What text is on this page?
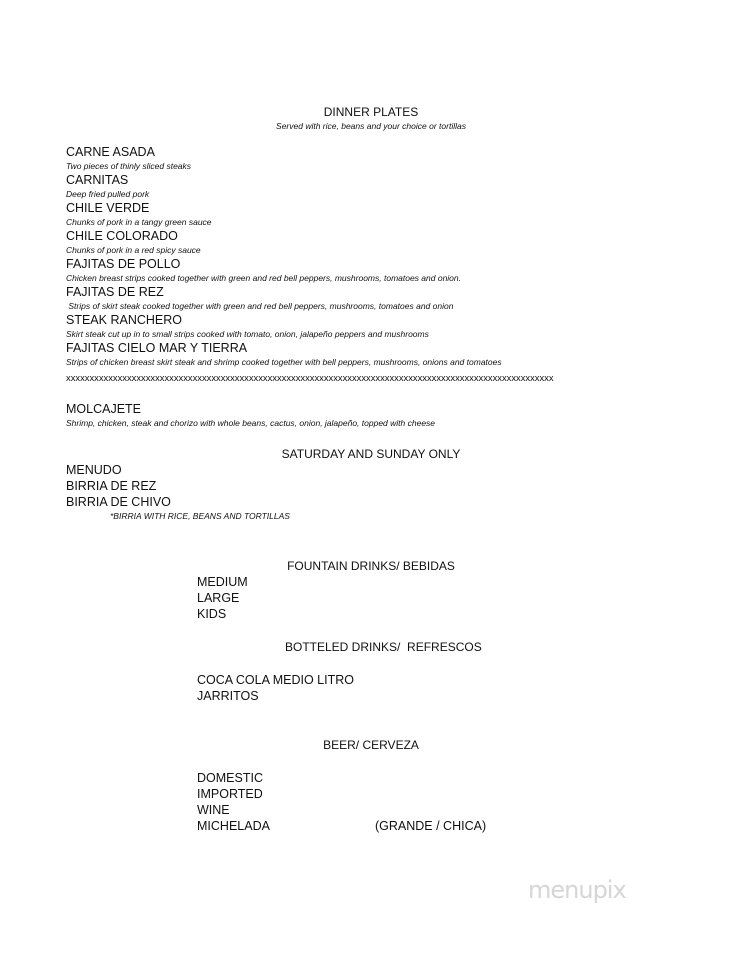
DINNER PLATES
Served with rice, beans and your choice or tortillas
CARNE ASADA
Two pieces of thinly sliced steaks
CARNITAS
Deep fried pulled pork
CHILE VERDE
Chunks of pork in a tangy green sauce
CHILE COLORADO
Chunks of pork in a red spicy sauce
FAJITAS DE POLLO
Chicken breast strips cooked together with green and red bell peppers, mushrooms, tomatoes and onion.
FAJITAS DE REZ
Strips of skirt steak cooked together with green and red bell peppers, mushrooms, tomatoes and onion
STEAK RANCHERO
Skirt steak cut up in to small strips cooked with tomato, onion, jalapeño peppers and mushrooms
FAJITAS CIELO MAR Y TIERRA
Strips of chicken breast skirt steak and shrimp cooked together with bell peppers, mushrooms, onions and tomatoes
xxxxxxxxxxxxxxxxxxxxxxxxxxxxxxxxxxxxxxxxxxxxxxxxxxxxxxxxxxxxxxxxxxxxxxxxxxxxxxxxxxxxxxxxxxxxxxxxxxxxxxxx
MOLCAJETE
Shrimp, chicken, steak and chorizo with whole beans, cactus, onion, jalapeño, topped with cheese
SATURDAY AND SUNDAY ONLY
MENUDO
BIRRIA DE REZ
BIRRIA DE CHIVO
*BIRRIA WITH RICE, BEANS AND TORTILLAS
FOUNTAIN DRINKS/ BEBIDAS
MEDIUM
LARGE
KIDS
BOTTELED DRINKS/  REFRESCOS
COCA COLA MEDIO LITRO
JARRITOS
BEER/ CERVEZA
DOMESTIC
IMPORTED
WINE
MICHELADA	(GRANDE / CHICA)
menupix
